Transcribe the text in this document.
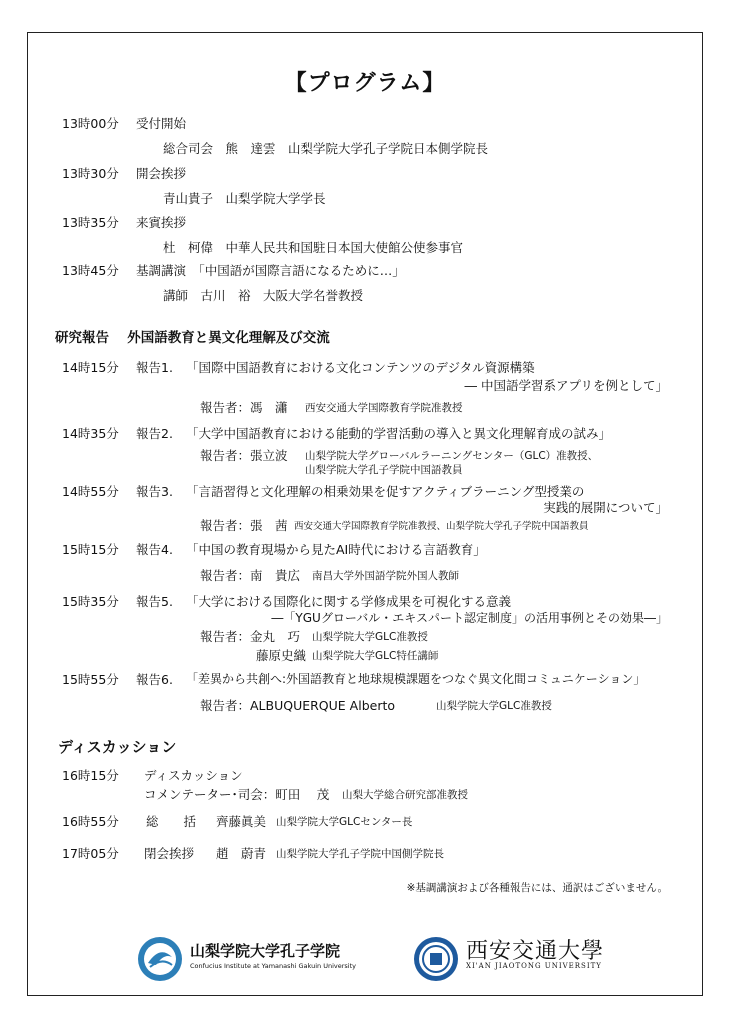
【プログラム】
13時00分 受付開始
総合司会　熊　達雲　山梨学院大学孔子学院日本側学院長
13時30分 開会挨拶
青山貴子　山梨学院大学学長
13時35分 来賓挨拶
杜　柯偉　中華人民共和国駐日本国大使館公使参事官
13時45分 基調講演　「中国語が国際言語になるために…」
講師　古川　裕　大阪大学名誉教授
研究報告　 外国語教育と異文化理解及び交流
14時15分 報告1. 「国際中国語教育における文化コンテンツのデジタル資源構築
― 中国語学習系アプリを例として」
報告者：馮　瀟 西安交通大学国際教育学院准教授
14時35分 報告2. 「大学中国語教育における能動的学習活動の導入と異文化理解育成の試み」
報告者：張立波 山梨学院大学グローバルラーニングセンター（GLC）准教授、
山梨学院大学孔子学院中国語教員
14時55分 報告3. 「言語習得と文化理解の相乗効果を促すアクティブラーニング型授業の
実践的展開について」
報告者：張　茜 西安交通大学国際教育学院准教授、山梨学院大学孔子学院中国語教員
15時15分 報告4. 「中国の教育現場から見たAI時代における言語教育」
報告者：南　貴広 南昌大学外国語学院外国人教師
15時35分 報告5. 「大学における国際化に関する学修成果を可視化する意義
―「YGUグローバル・エキスパート認定制度」の活用事例とその効果―」
報告者：金丸　巧 山梨学院大学GLC准教授
藤原史織 山梨学院大学GLC特任講師
15時55分 報告6. 「差異から共創へ:外国語教育と地球規模課題をつなぐ異文化間コミュニケーション」
報告者：ALBUQUERQUE Alberto	山梨学院大学GLC准教授
ディスカッション
16時15分 ディスカッション
コメンテーター･司会：町田　 茂 山梨大学総合研究部准教授
16時55分 総　　括 齊藤眞美 山梨学院大学GLCセンター長
17時05分 閉会挨拶 趙　蔚青 山梨学院大学孔子学院中国側学院長
※基調講演および各種報告には、通訳はございません。
山梨学院大学孔子学院
Confucius Institute at Yamanashi Gakuin University
西安交通大學
XI'AN JIAOTONG UNIVERSITY
